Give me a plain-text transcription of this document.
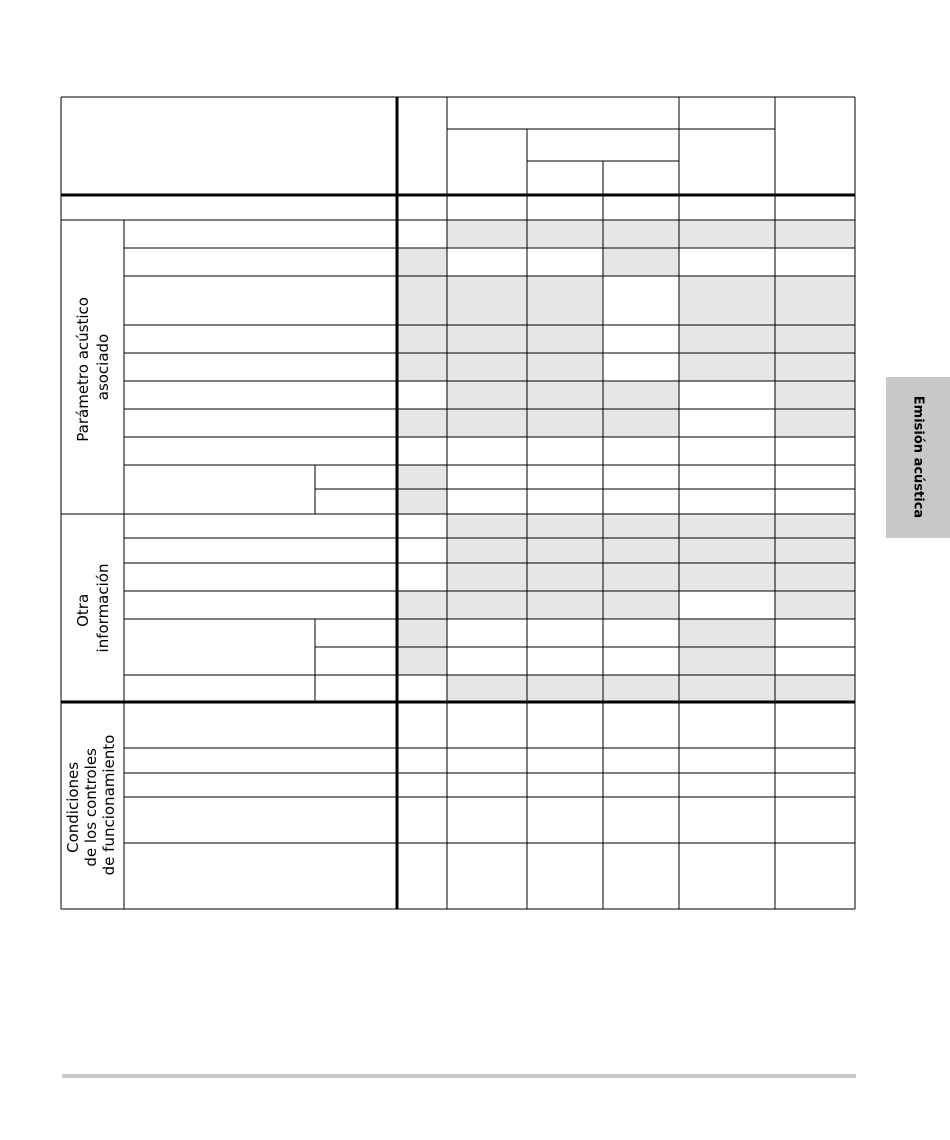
Parámetro acústico asociado
Otra información
Condiciones de los controles de funcionamiento
Emisión acústica
